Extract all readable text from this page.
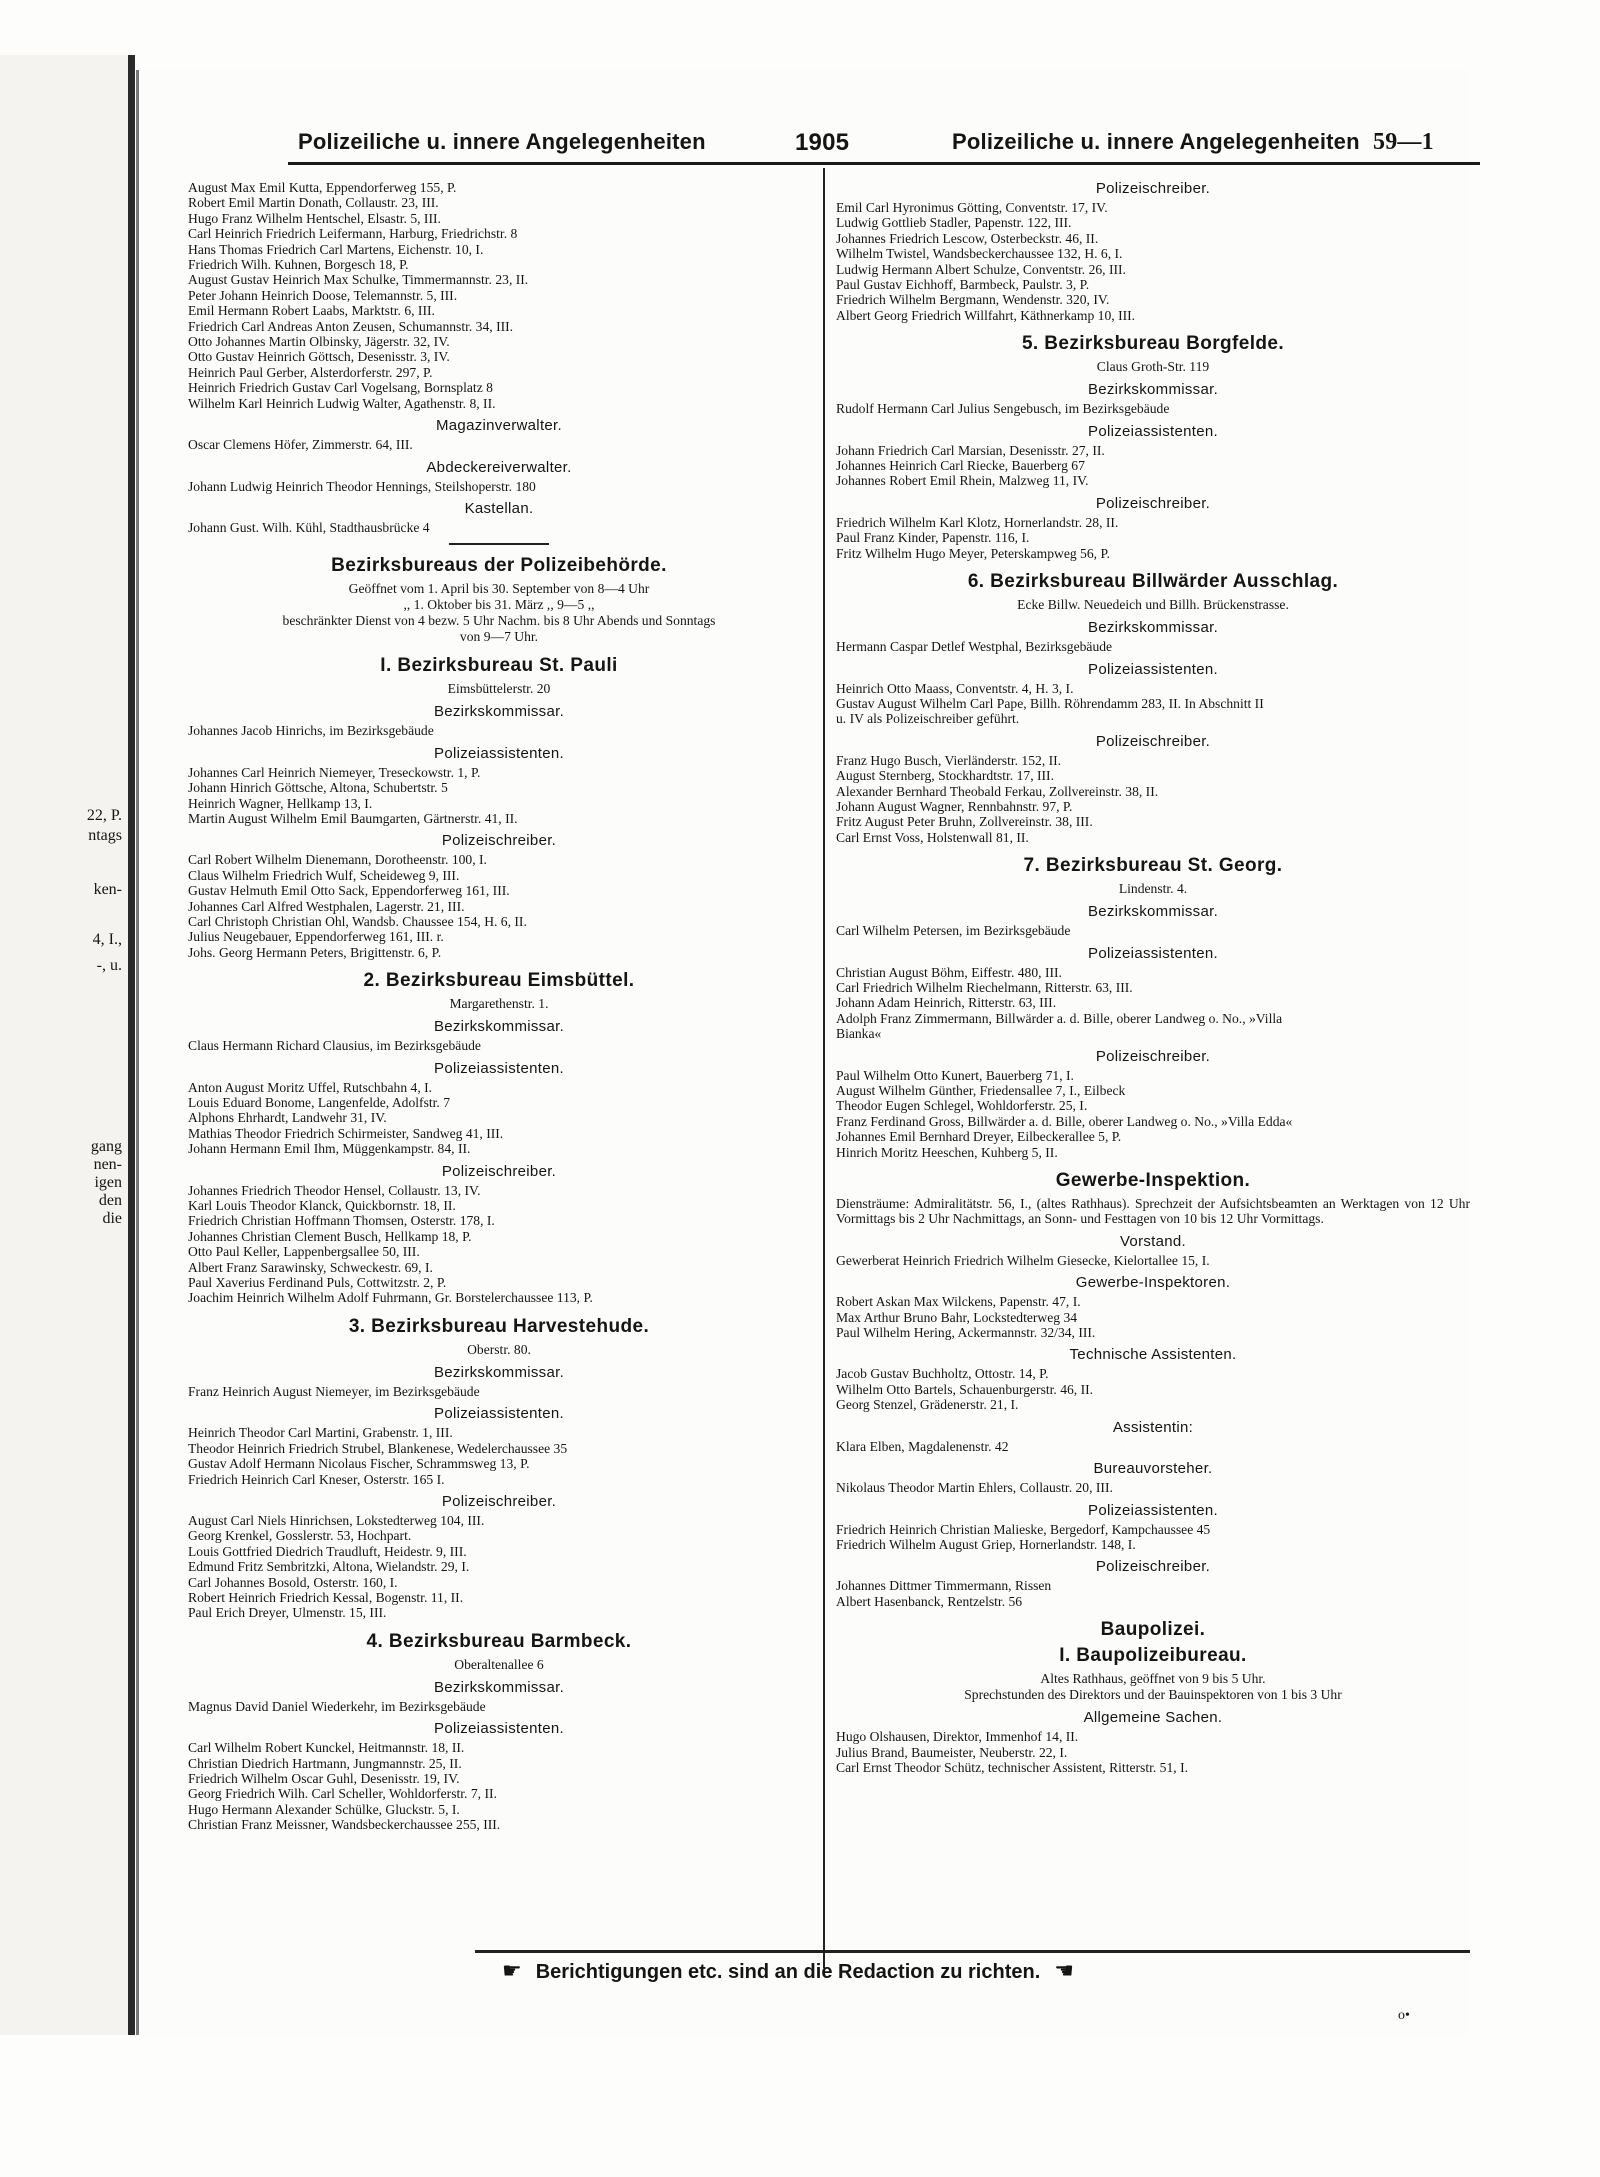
22, P.
ntags
ken-
4, I.,
-, u.
gang
nen-
igen
den
die
Polizeiliche u. innere Angelegenheiten	1905	Polizeiliche u. innere Angelegenheiten 59—1
August Max Emil Kutta, Eppendorferweg 155, P.
Robert Emil Martin Donath, Collaustr. 23, III.
Hugo Franz Wilhelm Hentschel, Elsastr. 5, III.
Carl Heinrich Friedrich Leifermann, Harburg, Friedrichstr. 8
Hans Thomas Friedrich Carl Martens, Eichenstr. 10, I.
Friedrich Wilh. Kuhnen, Borgesch 18, P.
August Gustav Heinrich Max Schulke, Timmermannstr. 23, II.
Peter Johann Heinrich Doose, Telemannstr. 5, III.
Emil Hermann Robert Laabs, Marktstr. 6, III.
Friedrich Carl Andreas Anton Zeusen, Schumannstr. 34, III.
Otto Johannes Martin Olbinsky, Jägerstr. 32, IV.
Otto Gustav Heinrich Göttsch, Desenisstr. 3, IV.
Heinrich Paul Gerber, Alsterdorferstr. 297, P.
Heinrich Friedrich Gustav Carl Vogelsang, Bornsplatz 8
Wilhelm Karl Heinrich Ludwig Walter, Agathenstr. 8, II.
Magazinverwalter.
Oscar Clemens Höfer, Zimmerstr. 64, III.
Abdeckereiverwalter.
Johann Ludwig Heinrich Theodor Hennings, Steilshoperstr. 180
Kastellan.
Johann Gust. Wilh. Kühl, Stadthausbrücke 4
Bezirksbureaus der Polizeibehörde.
Geöffnet vom 1. April bis 30. September von 8—4 Uhr
,, 1. Oktober bis 31. März ,, 9—5 ,,
beschränkter Dienst von 4 bezw. 5 Uhr Nachm. bis 8 Uhr Abends und Sonntags
von 9—7 Uhr.
I. Bezirksbureau St. Pauli
Eimsbüttelerstr. 20
Bezirkskommissar.
Johannes Jacob Hinrichs, im Bezirksgebäude
Polizeiassistenten.
Johannes Carl Heinrich Niemeyer, Treseckowstr. 1, P.
Johann Hinrich Göttsche, Altona, Schubertstr. 5
Heinrich Wagner, Hellkamp 13, I.
Martin August Wilhelm Emil Baumgarten, Gärtnerstr. 41, II.
Polizeischreiber.
Carl Robert Wilhelm Dienemann, Dorotheenstr. 100, I.
Claus Wilhelm Friedrich Wulf, Scheideweg 9, III.
Gustav Helmuth Emil Otto Sack, Eppendorferweg 161, III.
Johannes Carl Alfred Westphalen, Lagerstr. 21, III.
Carl Christoph Christian Ohl, Wandsb. Chaussee 154, H. 6, II.
Julius Neugebauer, Eppendorferweg 161, III. r.
Johs. Georg Hermann Peters, Brigittenstr. 6, P.
2. Bezirksbureau Eimsbüttel.
Margarethenstr. 1.
Bezirkskommissar.
Claus Hermann Richard Clausius, im Bezirksgebäude
Polizeiassistenten.
Anton August Moritz Uffel, Rutschbahn 4, I.
Louis Eduard Bonome, Langenfelde, Adolfstr. 7
Alphons Ehrhardt, Landwehr 31, IV.
Mathias Theodor Friedrich Schirmeister, Sandweg 41, III.
Johann Hermann Emil Ihm, Müggenkampstr. 84, II.
Polizeischreiber.
Johannes Friedrich Theodor Hensel, Collaustr. 13, IV.
Karl Louis Theodor Klanck, Quickbornstr. 18, II.
Friedrich Christian Hoffmann Thomsen, Osterstr. 178, I.
Johannes Christian Clement Busch, Hellkamp 18, P.
Otto Paul Keller, Lappenbergsallee 50, III.
Albert Franz Sarawinsky, Schweckestr. 69, I.
Paul Xaverius Ferdinand Puls, Cottwitzstr. 2, P.
Joachim Heinrich Wilhelm Adolf Fuhrmann, Gr. Borstelerchaussee 113, P.
3. Bezirksbureau Harvestehude.
Oberstr. 80.
Bezirkskommissar.
Franz Heinrich August Niemeyer, im Bezirksgebäude
Polizeiassistenten.
Heinrich Theodor Carl Martini, Grabenstr. 1, III.
Theodor Heinrich Friedrich Strubel, Blankenese, Wedelerchaussee 35
Gustav Adolf Hermann Nicolaus Fischer, Schrammsweg 13, P.
Friedrich Heinrich Carl Kneser, Osterstr. 165 I.
Polizeischreiber.
August Carl Niels Hinrichsen, Lokstedterweg 104, III.
Georg Krenkel, Gosslerstr. 53, Hochpart.
Louis Gottfried Diedrich Traudluft, Heidestr. 9, III.
Edmund Fritz Sembritzki, Altona, Wielandstr. 29, I.
Carl Johannes Bosold, Osterstr. 160, I.
Robert Heinrich Friedrich Kessal, Bogenstr. 11, II.
Paul Erich Dreyer, Ulmenstr. 15, III.
4. Bezirksbureau Barmbeck.
Oberaltenallee 6
Bezirkskommissar.
Magnus David Daniel Wiederkehr, im Bezirksgebäude
Polizeiassistenten.
Carl Wilhelm Robert Kunckel, Heitmannstr. 18, II.
Christian Diedrich Hartmann, Jungmannstr. 25, II.
Friedrich Wilhelm Oscar Guhl, Desenisstr. 19, IV.
Georg Friedrich Wilh. Carl Scheller, Wohldorferstr. 7, II.
Hugo Hermann Alexander Schülke, Gluckstr. 5, I.
Christian Franz Meissner, Wandsbeckerchaussee 255, III.
Polizeischreiber.
Emil Carl Hyronimus Götting, Conventstr. 17, IV.
Ludwig Gottlieb Stadler, Papenstr. 122, III.
Johannes Friedrich Lescow, Osterbeckstr. 46, II.
Wilhelm Twistel, Wandsbeckerchaussee 132, H. 6, I.
Ludwig Hermann Albert Schulze, Conventstr. 26, III.
Paul Gustav Eichhoff, Barmbeck, Paulstr. 3, P.
Friedrich Wilhelm Bergmann, Wendenstr. 320, IV.
Albert Georg Friedrich Willfahrt, Käthnerkamp 10, III.
5. Bezirksbureau Borgfelde.
Claus Groth-Str. 119
Bezirkskommissar.
Rudolf Hermann Carl Julius Sengebusch, im Bezirksgebäude
Polizeiassistenten.
Johann Friedrich Carl Marsian, Desenisstr. 27, II.
Johannes Heinrich Carl Riecke, Bauerberg 67
Johannes Robert Emil Rhein, Malzweg 11, IV.
Polizeischreiber.
Friedrich Wilhelm Karl Klotz, Hornerlandstr. 28, II.
Paul Franz Kinder, Papenstr. 116, I.
Fritz Wilhelm Hugo Meyer, Peterskampweg 56, P.
6. Bezirksbureau Billwärder Ausschlag.
Ecke Billw. Neuedeich und Billh. Brückenstrasse.
Bezirkskommissar.
Hermann Caspar Detlef Westphal, Bezirksgebäude
Polizeiassistenten.
Heinrich Otto Maass, Conventstr. 4, H. 3, I.
Gustav August Wilhelm Carl Pape, Billh. Röhrendamm 283, II. In Abschnitt II
u. IV als Polizeischreiber geführt.
Polizeischreiber.
Franz Hugo Busch, Vierländerstr. 152, II.
August Sternberg, Stockhardtstr. 17, III.
Alexander Bernhard Theobald Ferkau, Zollvereinstr. 38, II.
Johann August Wagner, Rennbahnstr. 97, P.
Fritz August Peter Bruhn, Zollvereinstr. 38, III.
Carl Ernst Voss, Holstenwall 81, II.
7. Bezirksbureau St. Georg.
Lindenstr. 4.
Bezirkskommissar.
Carl Wilhelm Petersen, im Bezirksgebäude
Polizeiassistenten.
Christian August Böhm, Eiffestr. 480, III.
Carl Friedrich Wilhelm Riechelmann, Ritterstr. 63, III.
Johann Adam Heinrich, Ritterstr. 63, III.
Adolph Franz Zimmermann, Billwärder a. d. Bille, oberer Landweg o. No., »Villa
Bianka«
Polizeischreiber.
Paul Wilhelm Otto Kunert, Bauerberg 71, I.
August Wilhelm Günther, Friedensallee 7, I., Eilbeck
Theodor Eugen Schlegel, Wohldorferstr. 25, I.
Franz Ferdinand Gross, Billwärder a. d. Bille, oberer Landweg o. No., »Villa Edda«
Johannes Emil Bernhard Dreyer, Eilbeckerallee 5, P.
Hinrich Moritz Heeschen, Kuhberg 5, II.
Gewerbe-Inspektion.
Diensträume: Admiralitätstr. 56, I., (altes Rathhaus). Sprechzeit der Aufsichtsbeamten an Werktagen von 12 Uhr Vormittags bis 2 Uhr Nachmittags, an Sonn- und Festtagen von 10 bis 12 Uhr Vormittags.
Vorstand.
Gewerberat Heinrich Friedrich Wilhelm Giesecke, Kielortallee 15, I.
Gewerbe-Inspektoren.
Robert Askan Max Wilckens, Papenstr. 47, I.
Max Arthur Bruno Bahr, Lockstedterweg 34
Paul Wilhelm Hering, Ackermannstr. 32/34, III.
Technische Assistenten.
Jacob Gustav Buchholtz, Ottostr. 14, P.
Wilhelm Otto Bartels, Schauenburgerstr. 46, II.
Georg Stenzel, Grädenerstr. 21, I.
Assistentin:
Klara Elben, Magdalenenstr. 42
Bureauvorsteher.
Nikolaus Theodor Martin Ehlers, Collaustr. 20, III.
Polizeiassistenten.
Friedrich Heinrich Christian Malieske, Bergedorf, Kampchaussee 45
Friedrich Wilhelm August Griep, Hornerlandstr. 148, I.
Polizeischreiber.
Johannes Dittmer Timmermann, Rissen
Albert Hasenbanck, Rentzelstr. 56
Baupolizei.
I. Baupolizeibureau.
Altes Rathhaus, geöffnet von 9 bis 5 Uhr.
Sprechstunden des Direktors und der Bauinspektoren von 1 bis 3 Uhr
Allgemeine Sachen.
Hugo Olshausen, Direktor, Immenhof 14, II.
Julius Brand, Baumeister, Neuberstr. 22, I.
Carl Ernst Theodor Schütz, technischer Assistent, Ritterstr. 51, I.
☛ Berichtigungen etc. sind an die Redaction zu richten. ☚
o•
